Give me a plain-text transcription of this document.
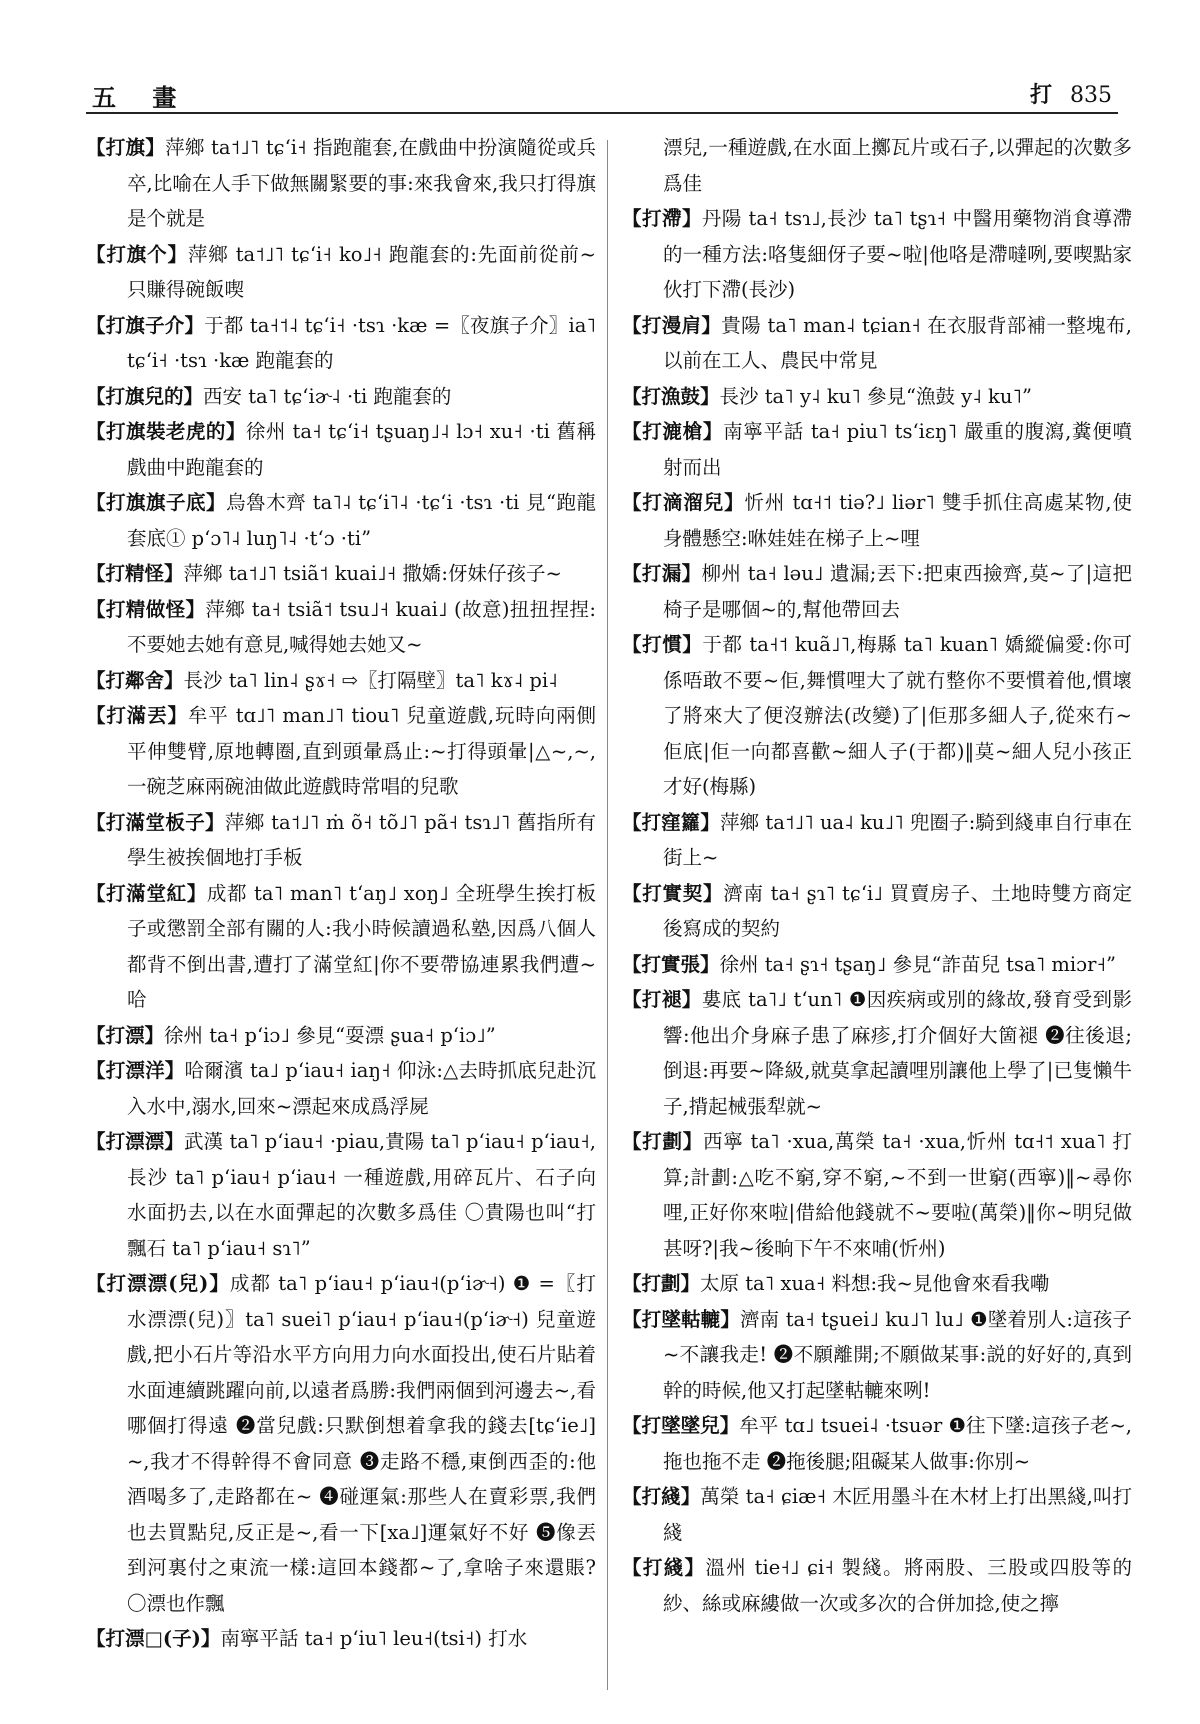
五 畫	打 835

【打旗】萍鄉 ta˦˩˥ tɕʻi˧ 指跑龍套,在戲曲中扮演隨從或兵卒,比喻在人手下做無關緊要的事:來我會來,我只打得旗是个就是

【打旗个】萍鄉 ta˦˩˥ tɕʻi˧ ko˩˧ 跑龍套的:先面前從前~只賺得碗飯喫

【打旗子介】于都 ta˧˦˨ tɕʻi˧ ·tsɿ ·kæ =〖夜旗子介〗ia˥ tɕʻi˧ ·tsɿ ·kæ 跑龍套的

【打旗兒的】西安 ta˥ tɕʻiɚ˨ ·ti 跑龍套的

【打旗裝老虎的】徐州 ta˧ tɕʻi˧ tʂuaŋ˩˨ lɔ˧ xu˧ ·ti 舊稱戲曲中跑龍套的

【打旗旗子底】烏魯木齊 ta˥˨ tɕʻi˥˨ ·tɕʻi ·tsɿ ·ti 見“跑龍套底① pʻɔ˥˨ luŋ˥˨ ·tʻɔ ·ti”

【打精怪】萍鄉 ta˦˩˥ tsiã˦ kuai˩˧ 撒嬌:伢妹仔孩子~

【打精做怪】萍鄉 ta˧ tsiã˦ tsu˩˧ kuai˩ (故意)扭扭捏捏:不要她去她有意見,喊得她去她又~

【打鄰舍】長沙 ta˥ lin˨ ʂɤ˧ ⇨〖打隔壁〗ta˥ kɤ˨ pi˨

【打滿丟】牟平 tɑ˩˥ man˩˥ tiou˥ 兒童遊戲,玩時向兩側平伸雙臂,原地轉圈,直到頭暈爲止:~打得頭暈|△~,~,一碗芝麻兩碗油做此遊戲時常唱的兒歌

【打滿堂板子】萍鄉 ta˦˩˥ ṁ õ˧ tõ˩˥ pã˧ tsɿ˩˥ 舊指所有學生被挨個地打手板

【打滿堂紅】成都 ta˥ man˥ tʻaŋ˩ xoŋ˩ 全班學生挨打板子或懲罰全部有關的人:我小時候讀過私塾,因爲八個人都背不倒出書,遭打了滿堂紅|你不要帶協連累我們遭~哈

【打漂】徐州 ta˧ pʻiɔ˩ 參見“耍漂 ʂua˧ pʻiɔ˩”

【打漂洋】哈爾濱 ta˩ pʻiau˧ iaŋ˧ 仰泳:△去時抓底兒赴沉入水中,溺水,回來~漂起來成爲浮屍

【打漂漂】武漢 ta˥ pʻiau˧ ·piau,貴陽 ta˥ pʻiau˧ pʻiau˧,長沙 ta˥ pʻiau˧ pʻiau˧ 一種遊戲,用碎瓦片、石子向水面扔去,以在水面彈起的次數多爲佳 〇貴陽也叫“打飄石 ta˥ pʻiau˧ sɿ˥”

【打漂漂(兒)】成都 ta˥ pʻiau˧ pʻiau˧(pʻiɚ˧) ❶ =〖打水漂漂(兒)〗ta˥ suei˥ pʻiau˧ pʻiau˧(pʻiɚ˧) 兒童遊戲,把小石片等沿水平方向用力向水面投出,使石片貼着水面連續跳躍向前,以遠者爲勝:我們兩個到河邊去~,看哪個打得遠 ❷當兒戲:只默倒想着拿我的錢去[tɕʻie˩]~,我才不得幹得不會同意 ❸走路不穩,東倒西歪的:他酒喝多了,走路都在~ ❹碰運氣:那些人在賣彩票,我們也去買點兒,反正是~,看一下[xa˩]運氣好不好 ❺像丟到河裏付之東流一樣:這回本錢都~了,拿啥子來還賬? 〇漂也作飄

【打漂□(子)】南寧平話 ta˧ pʻiu˥ leu˧(tsi˧) 打水

漂兒,一種遊戲,在水面上擲瓦片或石子,以彈起的次數多爲佳

【打滯】丹陽 ta˧ tsɿ˩,長沙 ta˥ tʂɿ˧ 中醫用藥物消食導滯的一種方法:咯隻細伢子要~啦|他咯是滯噠咧,要喫點家伙打下滯(長沙)

【打漫肩】貴陽 ta˥ man˨ tɕian˧ 在衣服背部補一整塊布,以前在工人、農民中常見

【打漁鼓】長沙 ta˥ y˨ ku˥ 參見“漁鼓 y˨ ku˥”

【打漉槍】南寧平話 ta˧ piu˥ tsʻiɛŋ˥ 嚴重的腹瀉,糞便噴射而出

【打滴溜兒】忻州 tɑ˧˦ tiə?˩ liər˥ 雙手抓住高處某物,使身體懸空:咻娃娃在梯子上~哩

【打漏】柳州 ta˧ ləu˩ 遺漏;丟下:把東西撿齊,莫~了|這把椅子是哪個~的,幫他帶回去

【打慣】于都 ta˧˦ kuã˩˥,梅縣 ta˥ kuan˥ 嬌縱偏愛:你可係唔敢不要~佢,舞慣哩大了就冇整你不要慣着他,慣壞了將來大了便沒辦法(改變)了|佢那多細人子,從來冇~佢底|佢一向都喜歡~細人子(于都)‖莫~細人兒小孩正才好(梅縣)

【打窪籮】萍鄉 ta˦˩˥ ua˨ ku˩˥ 兜圈子:騎到綫車自行車在街上~

【打實契】濟南 ta˧ ʂɿ˥ tɕʻi˩ 買賣房子、土地時雙方商定後寫成的契約

【打實張】徐州 ta˧ ʂɿ˧ tʂaŋ˩ 參見“詐苗兒 tsa˥ miɔr˧”

【打褪】婁底 ta˥˩ tʻun˥ ❶因疾病或別的緣故,發育受到影響:他出介身麻子患了麻疹,打介個好大箇褪 ❷往後退;倒退:再要~降級,就莫拿起讀哩別讓他上學了|已隻懶牛子,揹起械張犁就~

【打劃】西寧 ta˥ ·xua,萬榮 ta˧ ·xua,忻州 tɑ˧˦ xua˥ 打算;計劃:△吃不窮,穿不窮,~不到一世窮(西寧)‖~尋你哩,正好你來啦|借給他錢就不~要啦(萬榮)‖你~明兒做甚呀?|我~後晌下午不來哺(忻州)

【打劃】太原 ta˥ xua˧ 料想:我~見他會來看我嘞

【打墜軲轆】濟南 ta˧ tʂuei˩ ku˩˥ lu˩ ❶墜着別人:這孩子~不讓我走! ❷不願離開;不願做某事:説的好好的,真到幹的時候,他又打起墜軲轆來咧!

【打墜墜兒】牟平 tɑ˩ tsuei˨ ·tsuər ❶往下墜:這孩子老~,拖也拖不走 ❷拖後腿;阻礙某人做事:你別~

【打綫】萬榮 ta˧ ɕiæ˧ 木匠用墨斗在木材上打出黑綫,叫打綫

【打綫】溫州 tie˧˩ ɕi˧ 製綫。將兩股、三股或四股等的紗、絲或麻縷做一次或多次的合併加捻,使之擰
